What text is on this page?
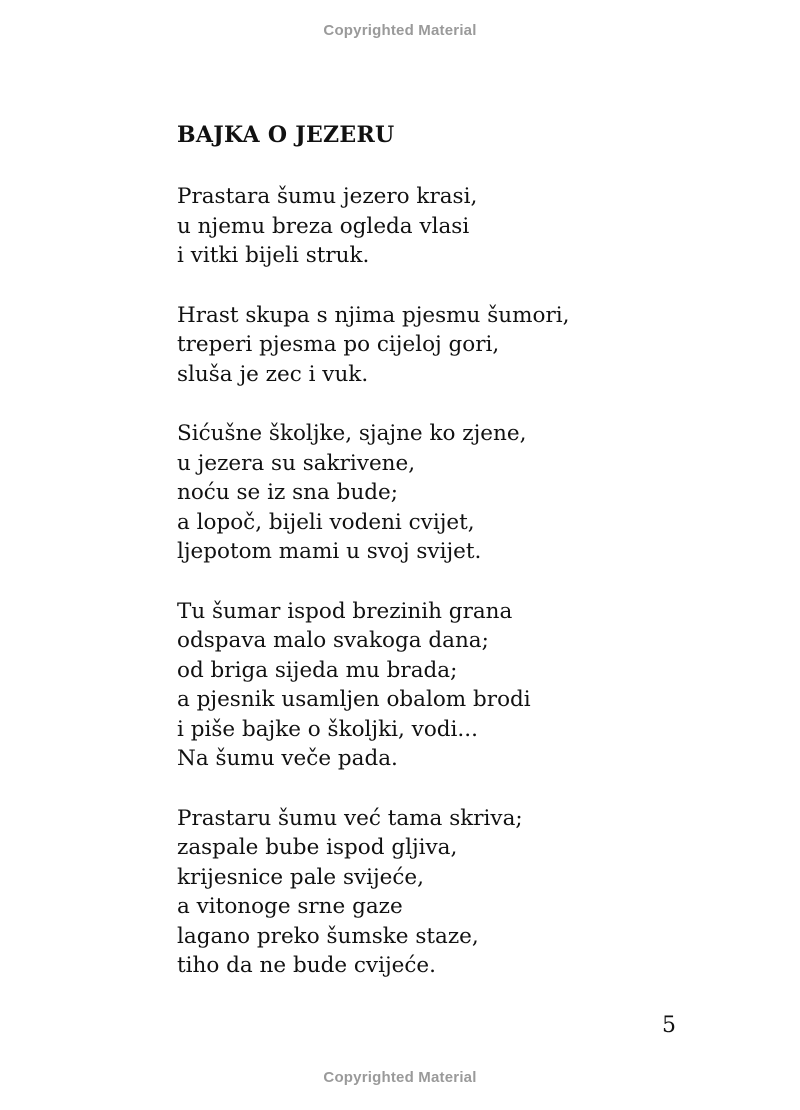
Copyrighted Material
BAJKA O JEZERU
Prastara šumu jezero krasi,
u njemu breza ogleda vlasi
i vitki bijeli struk.
Hrast skupa s njima pjesmu šumori,
treperi pjesma po cijeloj gori,
sluša je zec i vuk.
Sićušne školjke, sjajne ko zjene,
u jezera su sakrivene,
noću se iz sna bude;
a lopoč, bijeli vodeni cvijet,
ljepotom mami u svoj svijet.
Tu šumar ispod brezinih grana
odspava malo svakoga dana;
od briga sijeda mu brada;
a pjesnik usamljen obalom brodi
i piše bajke o školjki, vodi...
Na šumu veče pada.
Prastaru šumu već tama skriva;
zaspale bube ispod gljiva,
krijesnice pale svijeće,
a vitonoge srne gaze
lagano preko šumske staze,
tiho da ne bude cvijeće.
5
Copyrighted Material
